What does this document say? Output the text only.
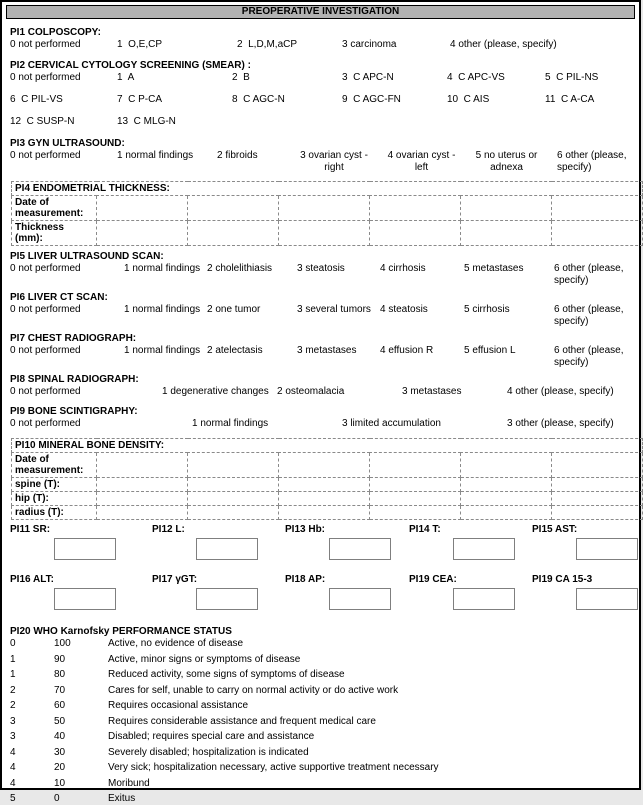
PREOPERATIVE INVESTIGATION
PI1 COLPOSCOPY:
0 not performed	1  O,E,CP	2  L,D,M,aCP	3 carcinoma	4 other (please, specify)
PI2 CERVICAL CYTOLOGY SCREENING (SMEAR) :
0 not performed	1  A	2  B	3  C APC-N	4  C APC-VS	5  C PIL-NS
6  C PIL-VS	7  C P-CA	8  C AGC-N	9  C AGC-FN	10  C AIS	11  C A-CA
12  C SUSP-N	13  C MLG-N
PI3 GYN ULTRASOUND:
0 not performed	1 normal findings	2 fibroids	3 ovarian cyst - right
4 ovarian cyst - left
5 no uterus or adnexa
6 other (please, specify)
PI4 ENDOMETRIAL THICKNESS:						
Date of measurement:						
Thickness (mm):						
PI5 LIVER ULTRASOUND SCAN:
0 not performed	1 normal findings 2 cholelithiasis	3 steatosis	4 cirrhosis	5 metastases	6 other (please, specify)
PI6 LIVER CT SCAN:
0 not performed	1 normal findings 2 one tumor	3 several tumors 4 steatosis	5 cirrhosis	6 other (please, specify)
PI7 CHEST RADIOGRAPH:
0 not performed	1 normal findings 2 atelectasis	3 metastases	4 effusion R	5 effusion L	6 other (please, specify)
PI8 SPINAL RADIOGRAPH:
0 not performed	1 degenerative changes 2 osteomalacia	3 metastases	4 other (please, specify)
PI9 BONE SCINTIGRAPHY:
0 not performed	1 normal findings	3 limited accumulation	3 other (please, specify)
PI10 MINERAL BONE DENSITY:						
Date of measurement:						
spine (T):						
hip (T):						
radius (T):						
PI11 SR:	PI12 L:	PI13 Hb:	PI14 T:	PI15 AST:
PI16 ALT:	PI17 γGT:	PI18 AP:	PI19 CEA:	PI19 CA 15-3
PI20 WHO Karnofsky PERFORMANCE STATUS
0	100	Active, no evidence of disease
1	90	Active, minor signs or symptoms of disease
1	80	Reduced activity, some signs of symptoms of disease
2	70	Cares for self, unable to carry on normal activity or do active work
2	60	Requires occasional assistance
3	50	Requires considerable assistance and frequent medical care
3	40	Disabled; requires special care and assistance
4	30	Severely disabled; hospitalization is indicated
4	20	Very sick; hospitalization necessary, active supportive treatment necessary
4	10	Moribund
5	0	Exitus
